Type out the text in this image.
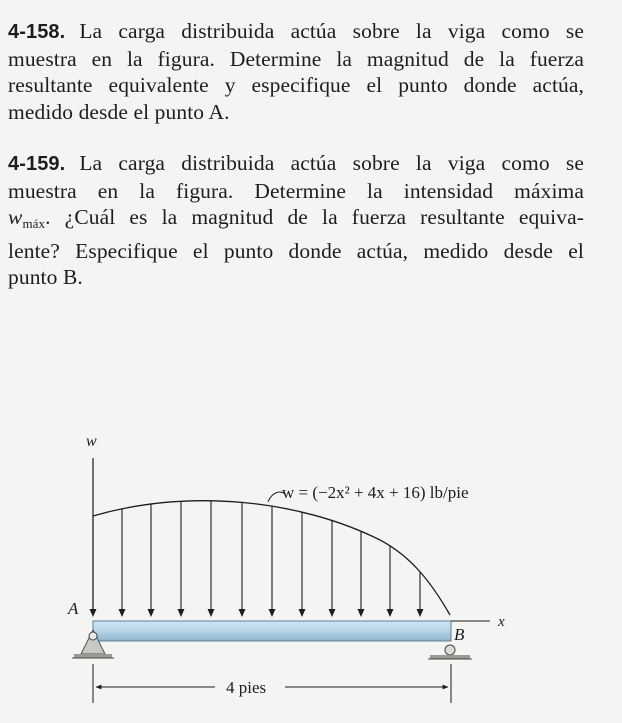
4-158. La carga distribuida actúa sobre la viga como se
muestra en la figura. Determine la magnitud de la fuerza
resultante equivalente y especifique el punto donde actúa,
medido desde el punto A.
4-159. La carga distribuida actúa sobre la viga como se
muestra en la figura. Determine la intensidad máxima
$w_{máx}$. ¿Cuál es la magnitud de la fuerza resultante equiva-
lente? Especifique el punto donde actúa, medido desde el
punto B.
w
w = (−2x² + 4x + 16) lb/pie
x
A
B
4 pies
